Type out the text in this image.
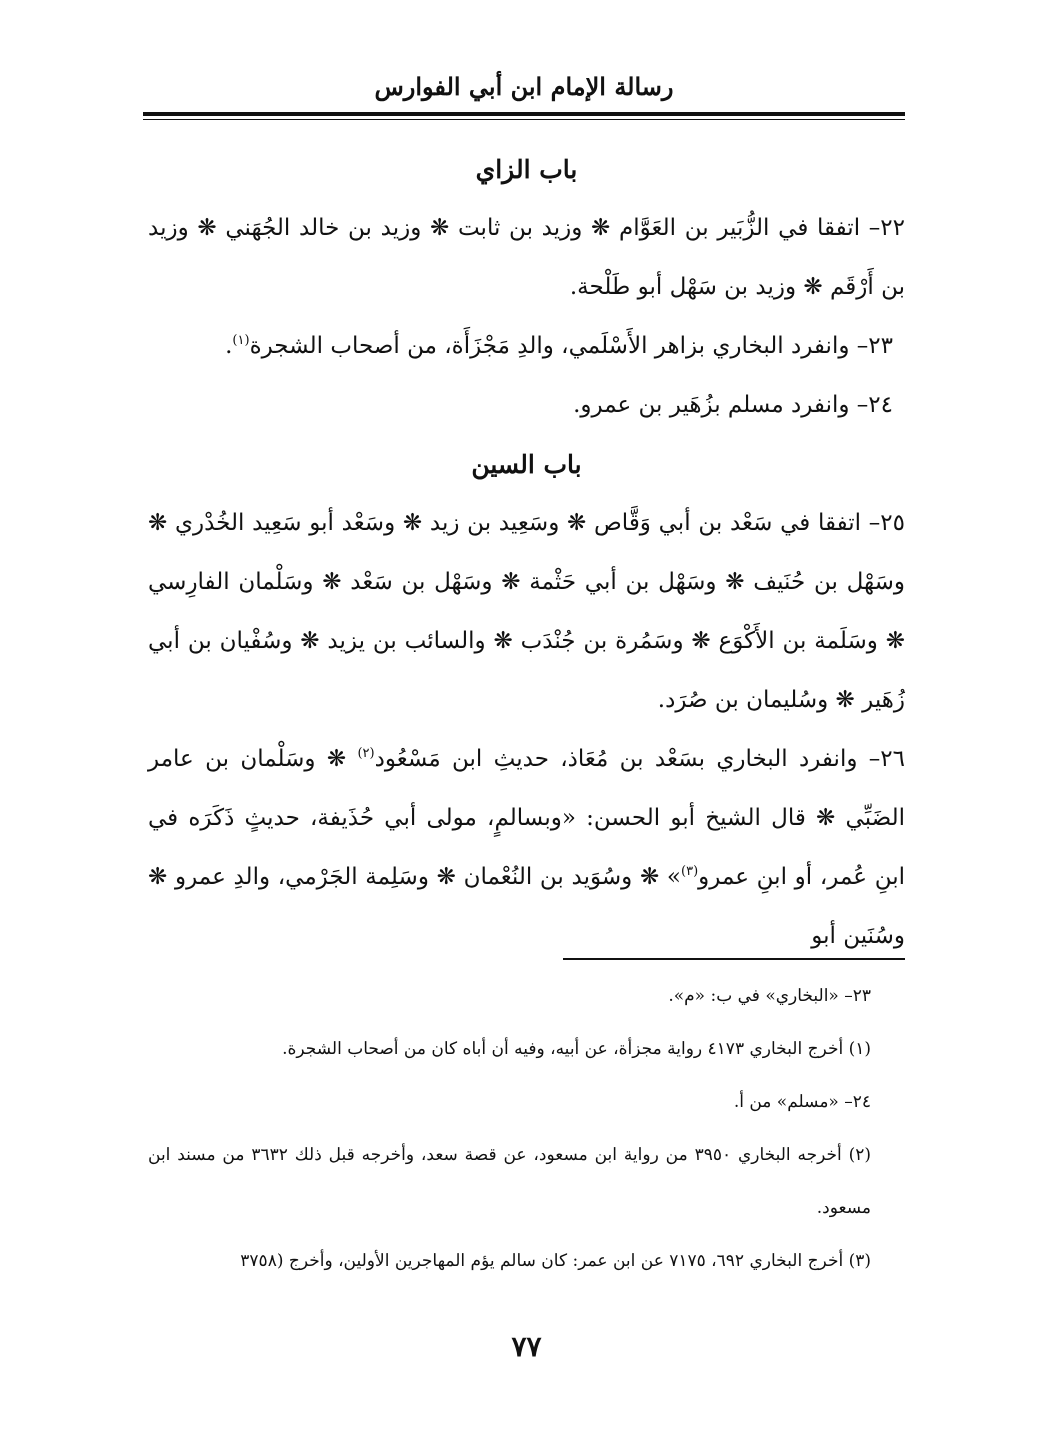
رسالة الإمام ابن أبي الفوارس

باب الزاي

٢٢– اتفقا في الزُّبَير بن العَوَّام ❋ وزيد بن ثابت ❋ وزيد بن خالد الجُهَني ❋ وزيد بن أَرْقَم ❋ وزيد بن سَهْل أبو طَلْحة.

٢٣– وانفرد البخاري بزاهر الأَسْلَمي، والدِ مَجْزَأَة، من أصحاب الشجرة$^{(١)}$.

٢٤– وانفرد مسلم بزُهَير بن عمرو.

باب السين

٢٥– اتفقا في سَعْد بن أبي وَقَّاص ❋ وسَعِيد بن زيد ❋ وسَعْد أبو سَعِيد الخُدْري ❋ وسَهْل بن حُنَيف ❋ وسَهْل بن أبي حَثْمة ❋ وسَهْل بن سَعْد ❋ وسَلْمان الفارِسي ❋ وسَلَمة بن الأَكْوَع ❋ وسَمُرة بن جُنْدَب ❋ والسائب بن يزيد ❋ وسُفْيان بن أبي زُهَير ❋ وسُليمان بن صُرَد.

٢٦– وانفرد البخاري بسَعْد بن مُعَاذ، حديثِ ابن مَسْعُود$^{(٢)}$ ❋ وسَلْمان بن عامر الضَبِّي ❋ قال الشيخ أبو الحسن: «وبسالمٍ، مولى أبي حُذَيفة، حديثٍ ذَكَرَه في ابنِ عُمر، أو ابنِ عمرو$^{(٣)}$» ❋ وسُوَيد بن النُعْمان ❋ وسَلِمة الجَرْمي، والدِ عمرو ❋ وسُنَين أبو

٢٣– «البخاري» في ب: «م».

(١) أخرج البخاري ٤١٧٣ رواية مجزأة، عن أبيه، وفيه أن أباه كان من أصحاب الشجرة.

٢٤– «مسلم» من أ.

(٢) أخرجه البخاري ٣٩٥٠ من رواية ابن مسعود، عن قصة سعد، وأخرجه قبل ذلك ٣٦٣٢ من مسند ابن مسعود.

(٣) أخرج البخاري ٦٩٢، ٧١٧٥ عن ابن عمر: كان سالم يؤم المهاجرين الأولين، وأخرج (٣٧٥٨

٧٧
